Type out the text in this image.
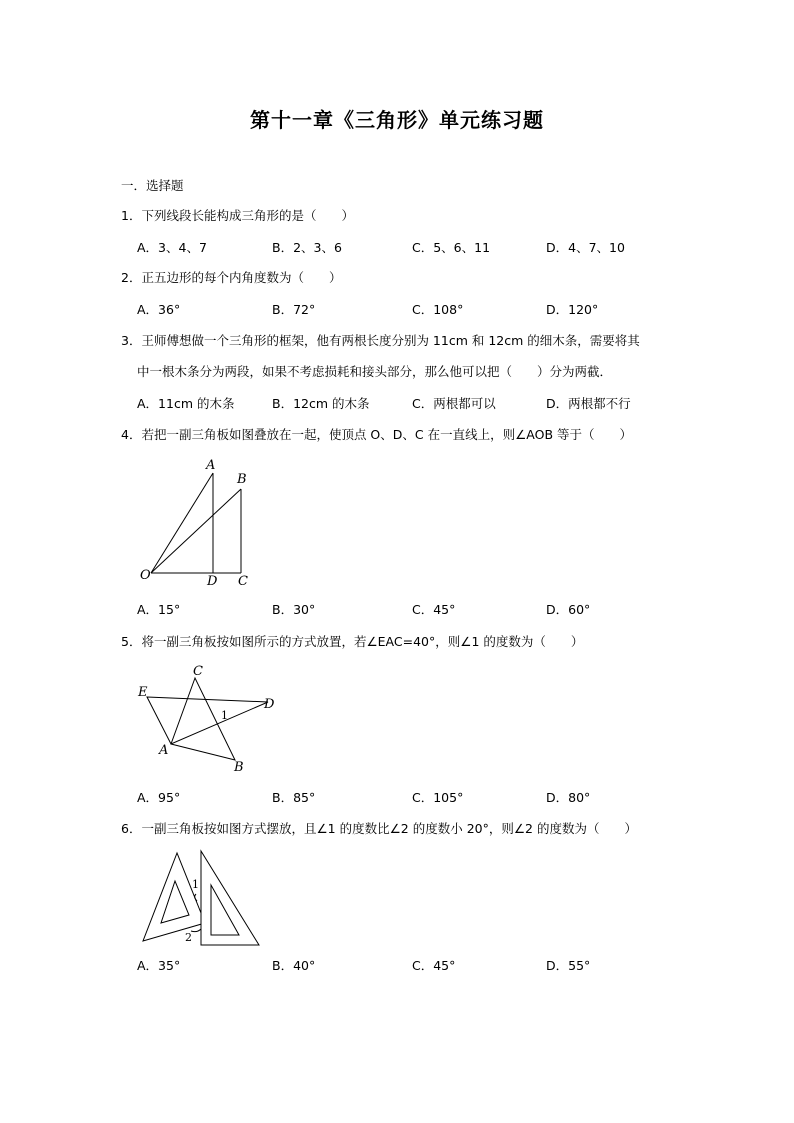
第十一章《三角形》单元练习题
一．选择题
1．下列线段长能构成三角形的是（　　）
A．3、4、7	B．2、3、6	C．5、6、11	D．4、7、10
2．正五边形的每个内角度数为（　　）
A．36°	B．72°	C．108°	D．120°
3．王师傅想做一个三角形的框架，他有两根长度分别为 11cm 和 12cm 的细木条，需要将其
中一根木条分为两段，如果不考虑损耗和接头部分，那么他可以把（　　）分为两截．
A．11cm 的木条	B．12cm 的木条	C．两根都可以	D．两根都不行
4．若把一副三角板如图叠放在一起，使顶点 O、D、C 在一直线上，则∠AOB 等于（　　）
A
B
O	D C
A．15°	B．30°	C．45°	D．60°
5．将一副三角板按如图所示的方式放置，若∠EAC=40°，则∠1 的度数为（　　）
C
E
D
1
A
B
A．95°	B．85°	C．105°	D．80°
6．一副三角板按如图方式摆放，且∠1 的度数比∠2 的度数小 20°，则∠2 的度数为（　　）
1
2
A．35°	B．40°	C．45°	D．55°
